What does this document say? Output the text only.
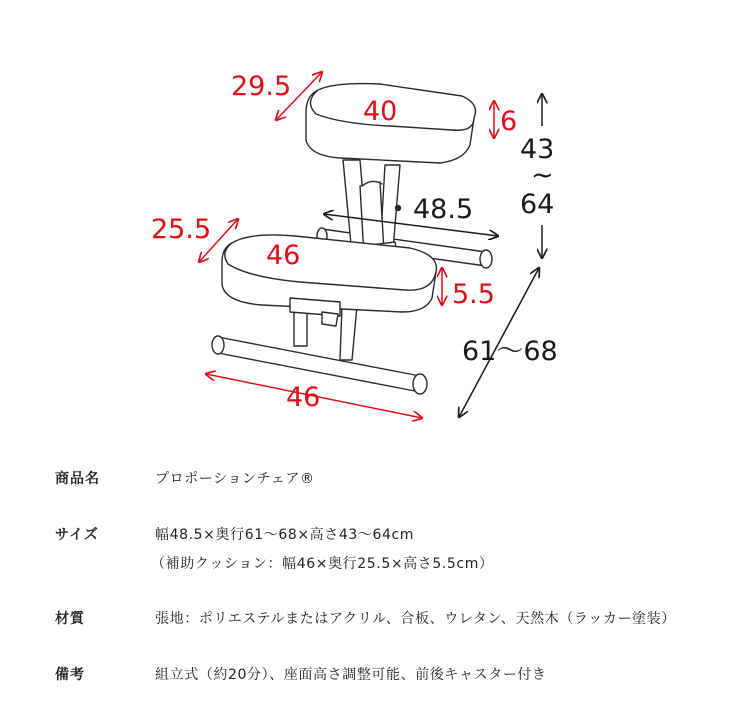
29.5
40	6
43
~
64
48.5
25.5
46
5.5
61～68
46
商品名	プロポーションチェア®
サイズ	幅48.5×奥行61～68×高さ43～64cm
（補助クッション：幅46×奥行25.5×高さ5.5cm）
材質	張地：ポリエステルまたはアクリル、合板、ウレタン、天然木（ラッカー塗装）
備考	組立式（約20分）、座面高さ調整可能、前後キャスター付き
